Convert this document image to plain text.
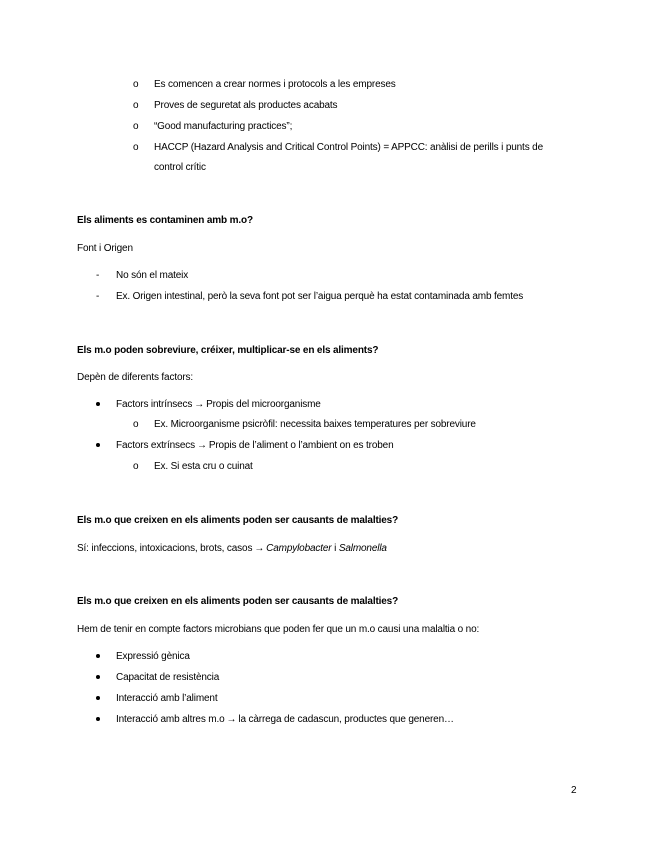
o Es comencen a crear normes i protocols a les empreses
o Proves de seguretat als productes acabats
o “Good manufacturing practices”;
o HACCP (Hazard Analysis and Critical Control Points) = APPCC: anàlisi de perills i punts de
control crític
Els aliments es contaminen amb m.o?
Font i Origen
- No són el mateix
- Ex. Origen intestinal, però la seva font pot ser l’aigua perquè ha estat contaminada amb femtes
Els m.o poden sobreviure, créixer, multiplicar-se en els aliments?
Depèn de diferents factors:
Factors intrínsecs → Propis del microorganisme
o Ex. Microorganisme psicròfil: necessita baixes temperatures per sobreviure
Factors extrínsecs → Propis de l’aliment o l’ambient on es troben
o Ex. Si esta cru o cuinat
Els m.o que creixen en els aliments poden ser causants de malalties?
Sí: infeccions, intoxicacions, brots, casos → Campylobacter i Salmonella
Els m.o que creixen en els aliments poden ser causants de malalties?
Hem de tenir en compte factors microbians que poden fer que un m.o causi una malaltia o no:
Expressió gènica
Capacitat de resistència
Interacció amb l’aliment
Interacció amb altres m.o → la càrrega de cadascun, productes que generen…
2
